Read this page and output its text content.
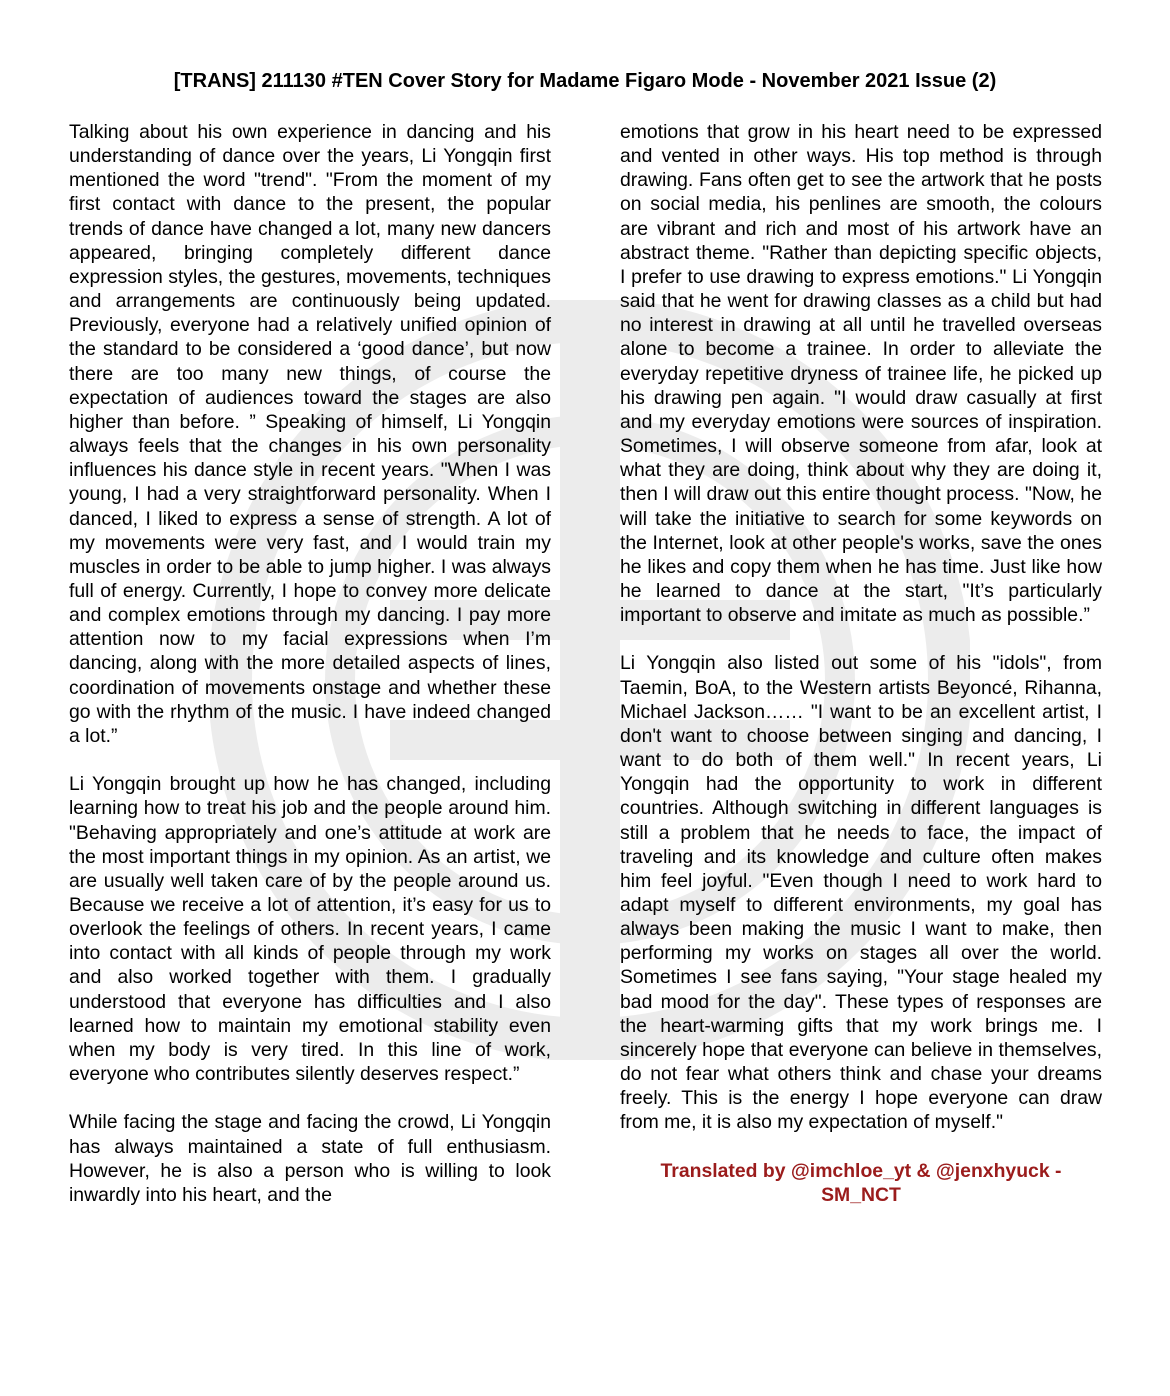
[TRANS] 211130 #TEN Cover Story for Madame Figaro Mode - November 2021 Issue (2)

Talking about his own experience in dancing and his understanding of dance over the years, Li Yongqin first mentioned the word "trend". "From the moment of my first contact with dance to the present, the popular trends of dance have changed a lot, many new dancers appeared, bringing completely different dance expression styles, the gestures, movements, techniques and arrangements are continuously being updated. Previously, everyone had a relatively unified opinion of the standard to be considered a ‘good dance’, but now there are too many new things, of course the expectation of audiences toward the stages are also higher than before. ” Speaking of himself, Li Yongqin always feels that the changes in his own personality influences his dance style in recent years. "When I was young, I had a very straightforward personality. When I danced, I liked to express a sense of strength. A lot of my movements were very fast, and I would train my muscles in order to be able to jump higher. I was always full of energy. Currently, I hope to convey more delicate and complex emotions through my dancing. I pay more attention now to my facial expressions when I’m dancing, along with the more detailed aspects of lines, coordination of movements onstage and whether these go with the rhythm of the music. I have indeed changed a lot.”

Li Yongqin brought up how he has changed, including learning how to treat his job and the people around him. "Behaving appropriately and one’s attitude at work are the most important things in my opinion. As an artist, we are usually well taken care of by the people around us. Because we receive a lot of attention, it’s easy for us to overlook the feelings of others. In recent years, I came into contact with all kinds of people through my work and also worked together with them. I gradually understood that everyone has difficulties and I also learned how to maintain my emotional stability even when my body is very tired. In this line of work, everyone who contributes silently deserves respect.”

While facing the stage and facing the crowd, Li Yongqin has always maintained a state of full enthusiasm. However, he is also a person who is willing to look inwardly into his heart, and the

emotions that grow in his heart need to be expressed and vented in other ways. His top method is through drawing. Fans often get to see the artwork that he posts on social media, his penlines are smooth, the colours are vibrant and rich and most of his artwork have an abstract theme. "Rather than depicting specific objects, I prefer to use drawing to express emotions." Li Yongqin said that he went for drawing classes as a child but had no interest in drawing at all until he travelled overseas alone to become a trainee. In order to alleviate the everyday repetitive dryness of trainee life, he picked up his drawing pen again. "I would draw casually at first and my everyday emotions were sources of inspiration. Sometimes, I will observe someone from afar, look at what they are doing, think about why they are doing it, then I will draw out this entire thought process. "Now, he will take the initiative to search for some keywords on the Internet, look at other people's works, save the ones he likes and copy them when he has time. Just like how he learned to dance at the start, "It’s particularly important to observe and imitate as much as possible.”

Li Yongqin also listed out some of his "idols", from Taemin, BoA, to the Western artists Beyoncé, Rihanna, Michael Jackson…… "I want to be an excellent artist, I don't want to choose between singing and dancing, I want to do both of them well." In recent years, Li Yongqin had the opportunity to work in different countries. Although switching in different languages is still a problem that he needs to face, the impact of traveling and its knowledge and culture often makes him feel joyful. "Even though I need to work hard to adapt myself to different environments, my goal has always been making the music I want to make, then performing my works on stages all over the world. Sometimes I see fans saying, "Your stage healed my bad mood for the day". These types of responses are the heart-warming gifts that my work brings me. I sincerely hope that everyone can believe in themselves, do not fear what others think and chase your dreams freely. This is the energy I hope everyone can draw from me, it is also my expectation of myself."

Translated by @imchloe_yt & @jenxhyuck - SM_NCT
